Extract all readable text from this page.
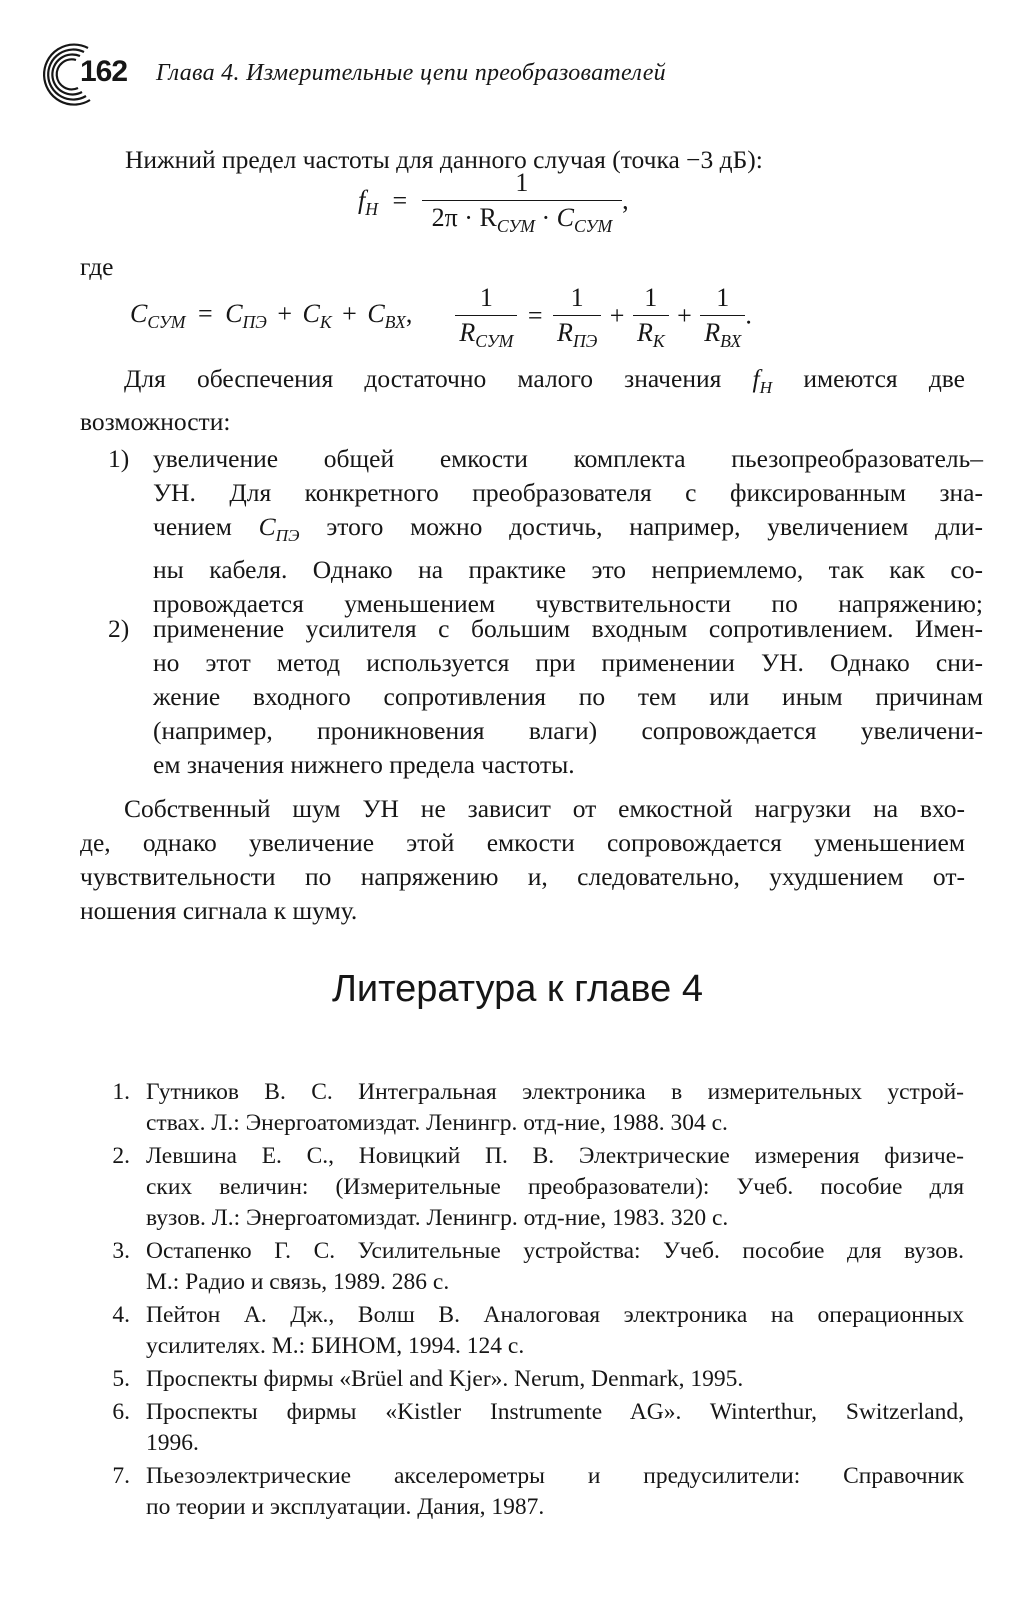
162 Глава 4. Измерительные цепи преобразователей
Нижний предел частоты для данного случая (точка −3 дБ):
$f_H = \frac{1}{2\pi \cdot R_{СУМ} \cdot C_{СУМ}}$ ,
где
$C_{СУМ} = C_{ПЭ} + C_К + C_{ВХ}$, $\frac{1}{R_{СУМ}} = \frac{1}{R_{ПЭ}} + \frac{1}{R_К} + \frac{1}{R_{ВХ}}$ .
Для обеспечения достаточно малого значения $f_H$ имеются две
возможности:
1) увеличение общей емкости комплекта пьезопреобразователь–
УН. Для конкретного преобразователя с фиксированным зна-
чением $C_{ПЭ}$ этого можно достичь, например, увеличением дли-
ны кабеля. Однако на практике это неприемлемо, так как со-
провождается уменьшением чувствительности по напряжению;
2) применение усилителя с большим входным сопротивлением. Имен-
но этот метод используется при применении УН. Однако сни-
жение входного сопротивления по тем или иным причинам
(например, проникновения влаги) сопровождается увеличени-
ем значения нижнего предела частоты.
Собственный шум УН не зависит от емкостной нагрузки на вхо-
де, однако увеличение этой емкости сопровождается уменьшением
чувствительности по напряжению и, следовательно, ухудшением от-
ношения сигнала к шуму.
Литература к главе 4
1. Гутников В. С. Интегральная электроника в измерительных устрой-
ствах. Л.: Энергоатомиздат. Ленингр. отд-ние, 1988. 304 с.
2. Левшина Е. С., Новицкий П. В. Электрические измерения физиче-
ских величин: (Измерительные преобразователи): Учеб. пособие для
вузов. Л.: Энергоатомиздат. Ленингр. отд-ние, 1983. 320 с.
3. Остапенко Г. С. Усилительные устройства: Учеб. пособие для вузов.
М.: Радио и связь, 1989. 286 с.
4. Пейтон А. Дж., Волш В. Аналоговая электроника на операционных
усилителях. М.: БИНОМ, 1994. 124 с.
5. Проспекты фирмы «Brüel and Kjer». Nerum, Denmark, 1995.
6. Проспекты фирмы «Kistler Instrumente AG». Winterthur, Switzerland,
1996.
7. Пьезоэлектрические акселерометры и предусилители: Справочник
по теории и эксплуатации. Дания, 1987.
